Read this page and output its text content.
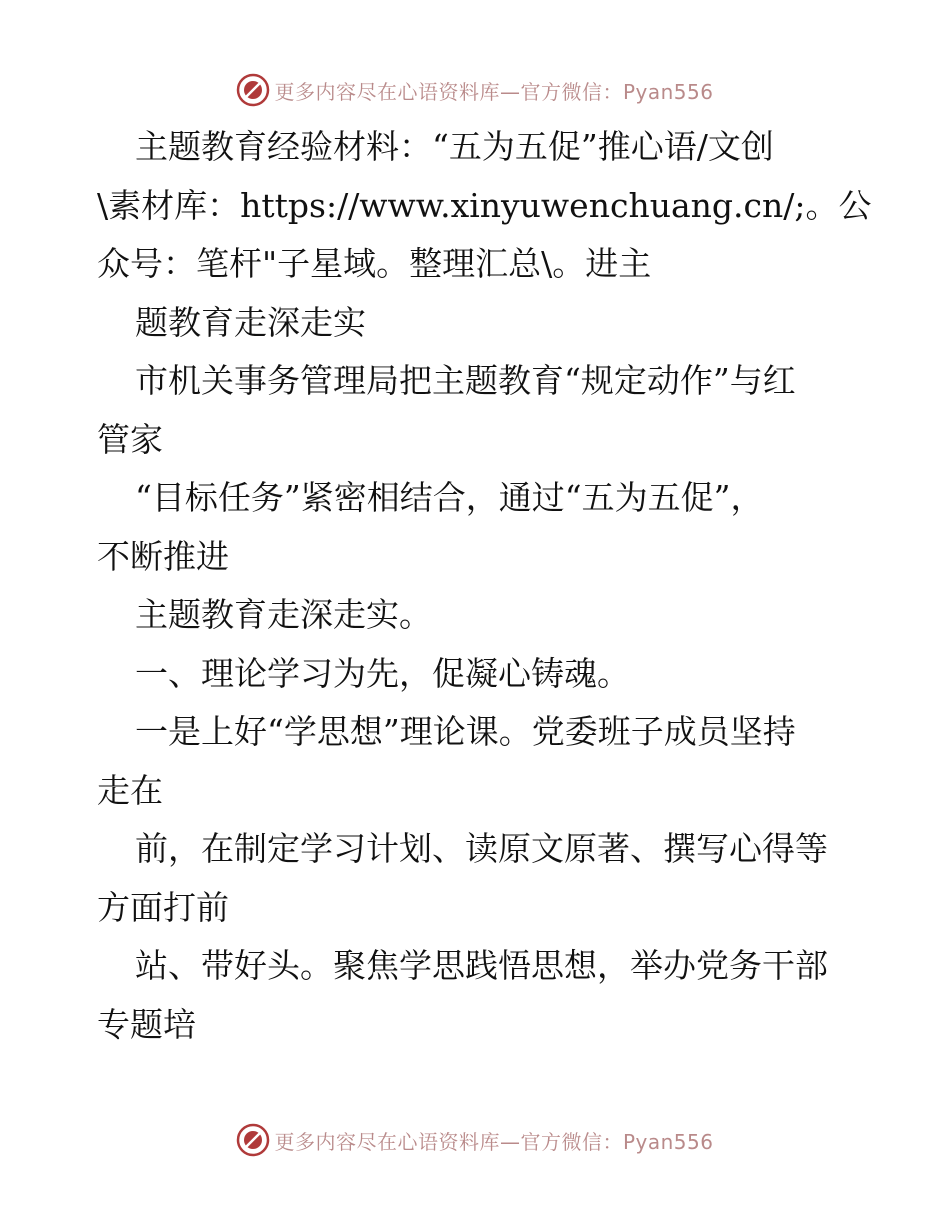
更多内容尽在心语资料库—官方微信：Pyan556
主题教育经验材料：“五为五促”推心语/文创
\素材库：https://www.xinyuwenchuang.cn/;。公
众号：笔杆"子星域。整理汇总\。进主
题教育走深走实
市机关事务管理局把主题教育“规定动作”与红
管家
“目标任务”紧密相结合，通过“五为五促”，
不断推进
主题教育走深走实。
一、理论学习为先，促凝心铸魂。
一是上好“学思想”理论课。党委班子成员坚持
走在
前，在制定学习计划、读原文原著、撰写心得等
方面打前
站、带好头。聚焦学思践悟思想，举办党务干部
专题培
更多内容尽在心语资料库—官方微信：Pyan556
